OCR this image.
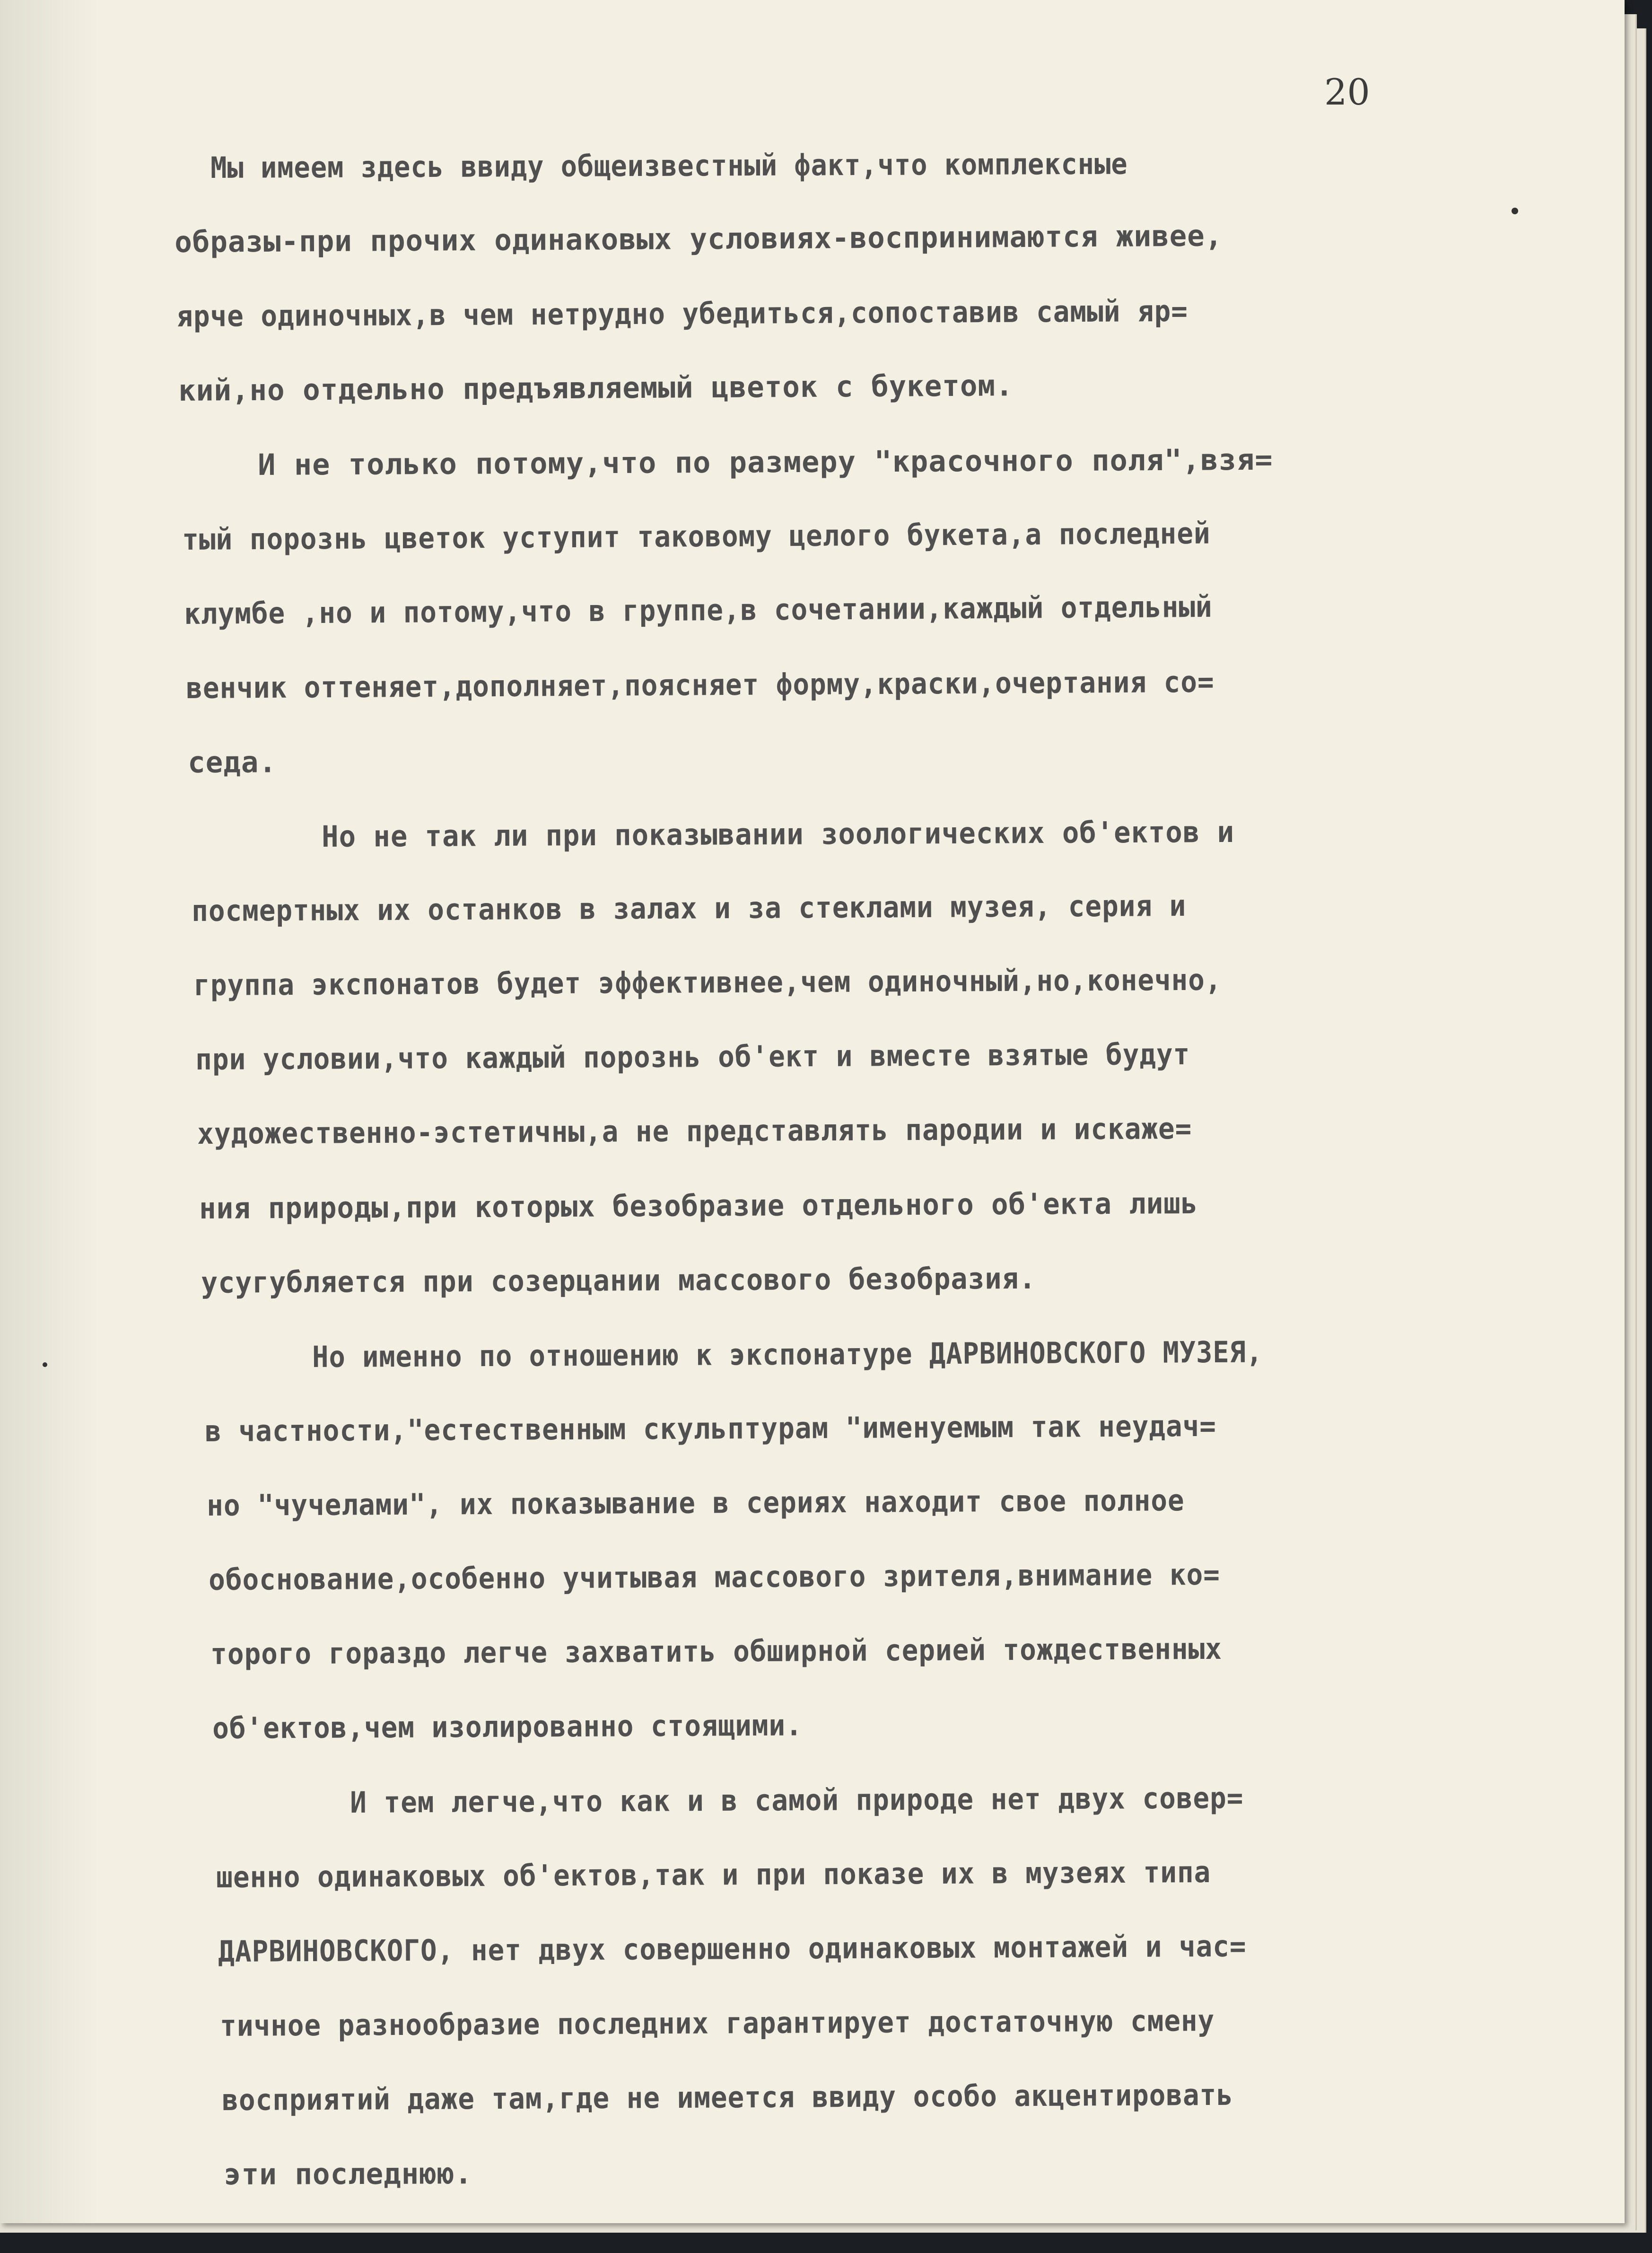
20
Мы имеем здесь ввиду общеизвестный факт,что комплексные
образы-при прочих одинаковых условиях-воспринимаются живее,
ярче одиночных,в чем нетрудно убедиться,сопоставив самый яр=
кий,но отдельно предъявляемый цветок с букетом.
И не только потому,что по размеру "красочного поля",взя=
тый порознь цветок уступит таковому целого букета,а последней
клумбе ,но и потому,что в группе,в сочетании,каждый отдельный
венчик оттеняет,дополняет,поясняет форму,краски,очертания со=
седа.
Но не так ли при показывании зоологических об'ектов и
посмертных их останков в залах и за стеклами музея, серия и
группа экспонатов будет эффективнее,чем одиночный,но,конечно,
при условии,что каждый порознь об'ект и вместе взятые будут
художественно-эстетичны,а не представлять пародии и искаже=
ния природы,при которых безобразие отдельного об'екта лишь
усугубляется при созерцании массового безобразия.
Но именно по отношению к экспонатуре ДАРВИНОВСКОГО МУЗЕЯ,
в частности,"естественным скульптурам "именуемым так неудач=
но "чучелами", их показывание в сериях находит свое полное
обоснование,особенно учитывая массового зрителя,внимание ко=
торого гораздо легче захватить обширной серией тождественных
об'ектов,чем изолированно стоящими.
И тем легче,что как и в самой природе нет двух совер=
шенно одинаковых об'ектов,так и при показе их в музеях типа
ДАРВИНОВСКОГО, нет двух совершенно одинаковых монтажей и час=
тичное разнообразие последних гарантирует достаточную смену
восприятий даже там,где не имеется ввиду особо акцентировать
эти последнюю.
